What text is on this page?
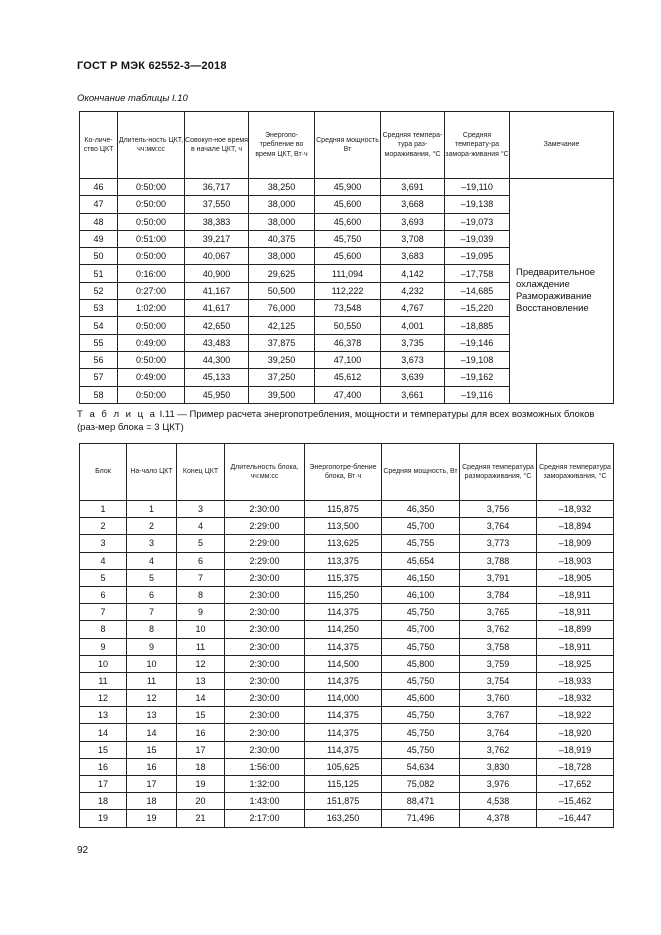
ГОСТ Р МЭК 62552-3—2018
Окончание таблицы I.10
Ко-личе-ство ЦКТ	Длитель-ность ЦКТ, чч:мм:сс	Совокуп-ное время в начале ЦКТ, ч	Энергопо-требление во время ЦКТ, Вт·ч	Средняя мощность Вт	Средняя темпера-тура раз-мораживания, °С	Средняя температу-ра замора-живания °С	Замечание
46	0:50:00	36,717	38,250	45,900	3,691	–19,110	Предварительное
охлаждение
Размораживание
Восстановление

47	0:50:00	37,550	38,000	45,600	3,668	–19,138	
48	0:50:00	38,383	38,000	45,600	3,693	–19,073	
49	0:51:00	39,217	40,375	45,750	3,708	–19,039	
50	0:50:00	40,067	38,000	45,600	3,683	–19,095	
51	0:16:00	40,900	29,625	111,094	4,142	–17,758	
52	0:27:00	41,167	50,500	112,222	4,232	–14,685	
53	1:02:00	41,617	76,000	73,548	4,767	–15,220	
54	0:50:00	42,650	42,125	50,550	4,001	–18,885	
55	0:49:00	43,483	37,875	46,378	3,735	–19,146	
56	0:50:00	44,300	39,250	47,100	3,673	–19,108	
57	0:49:00	45,133	37,250	45,612	3,639	–19,162	
58	0:50:00	45,950	39,500	47,400	3,661	–19,116	
Т а б л и ц а I.11 — Пример расчета энергопотребления, мощности и температуры для всех возможных блоков (раз-мер блока = 3 ЦКТ)
Блок	На-чало ЦКТ	Конец ЦКТ	Длительность блока, чч:мм:сс	Энергопотре-бление блока, Вт·ч	Средняя мощность, Вт	Средняя температура размораживания, °С	Средняя температура замораживания, °С
1	1	3	2:30:00	115,875	46,350	3,756	–18,932
2	2	4	2:29:00	113,500	45,700	3,764	–18,894
3	3	5	2:29:00	113,625	45,755	3,773	–18,909
4	4	6	2:29:00	113,375	45,654	3,788	–18,903
5	5	7	2:30:00	115,375	46,150	3,791	–18,905
6	6	8	2:30:00	115,250	46,100	3,784	–18,911
7	7	9	2:30:00	114,375	45,750	3,765	–18,911
8	8	10	2:30:00	114,250	45,700	3,762	–18,899
9	9	11	2:30:00	114,375	45,750	3,758	–18,911
10	10	12	2:30:00	114,500	45,800	3,759	–18,925
11	11	13	2:30:00	114,375	45,750	3,754	–18,933
12	12	14	2:30:00	114,000	45,600	3,760	–18,932
13	13	15	2:30:00	114,375	45,750	3,767	–18,922
14	14	16	2:30:00	114,375	45,750	3,764	–18,920
15	15	17	2:30:00	114,375	45,750	3,762	–18,919
16	16	18	1:56:00	105,625	54,634	3,830	–18,728
17	17	19	1:32:00	115,125	75,082	3,976	–17,652
18	18	20	1:43:00	151,875	88,471	4,538	–15,462
19	19	21	2:17:00	163,250	71,496	4,378	–16,447
92
